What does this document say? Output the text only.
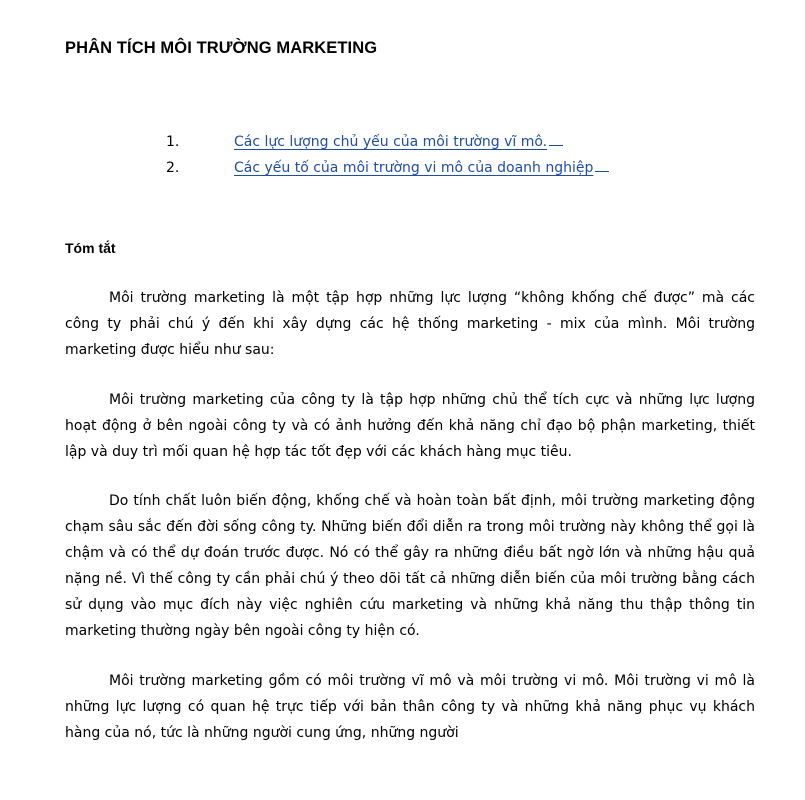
PHÂN TÍCH MÔI TRƯỜNG MARKETING
1.	Các lực lượng chủ yếu của môi trường vĩ mô.
2.	Các yếu tố của môi trường vi mô của doanh nghiệp
Tóm tắt

Môi trường marketing là một tập hợp những lực lượng “không khống chế được” mà các công ty phải chú ý đến khi xây dựng các hệ thống marketing - mix của mình. Môi trường marketing được hiểu như sau:

Môi trường marketing của công ty là tập hợp những chủ thể tích cực và những lực lượng hoạt động ở bên ngoài công ty và có ảnh hưởng đến khả năng chỉ đạo bộ phận marketing, thiết lập và duy trì mối quan hệ hợp tác tốt đẹp với các khách hàng mục tiêu.

Do tính chất luôn biến động, khống chế và hoàn toàn bất định, môi trường marketing động chạm sâu sắc đến đời sống công ty. Những biến đổi diễn ra trong môi trường này không thể gọi là chậm và có thể dự đoán trước được. Nó có thể gây ra những điều bất ngờ lớn và những hậu quả nặng nề. Vì thế công ty cần phải chú ý theo dõi tất cả những diễn biến của môi trường bằng cách sử dụng vào mục đích này việc nghiên cứu marketing và những khả năng thu thập thông tin marketing thường ngày bên ngoài công ty hiện có.

Môi trường marketing gồm có môi trường vĩ mô và môi trường vi mô. Môi trường vi mô là những lực lượng có quan hệ trực tiếp với bản thân công ty và những khả năng phục vụ khách hàng của nó, tức là những người cung ứng, những người
